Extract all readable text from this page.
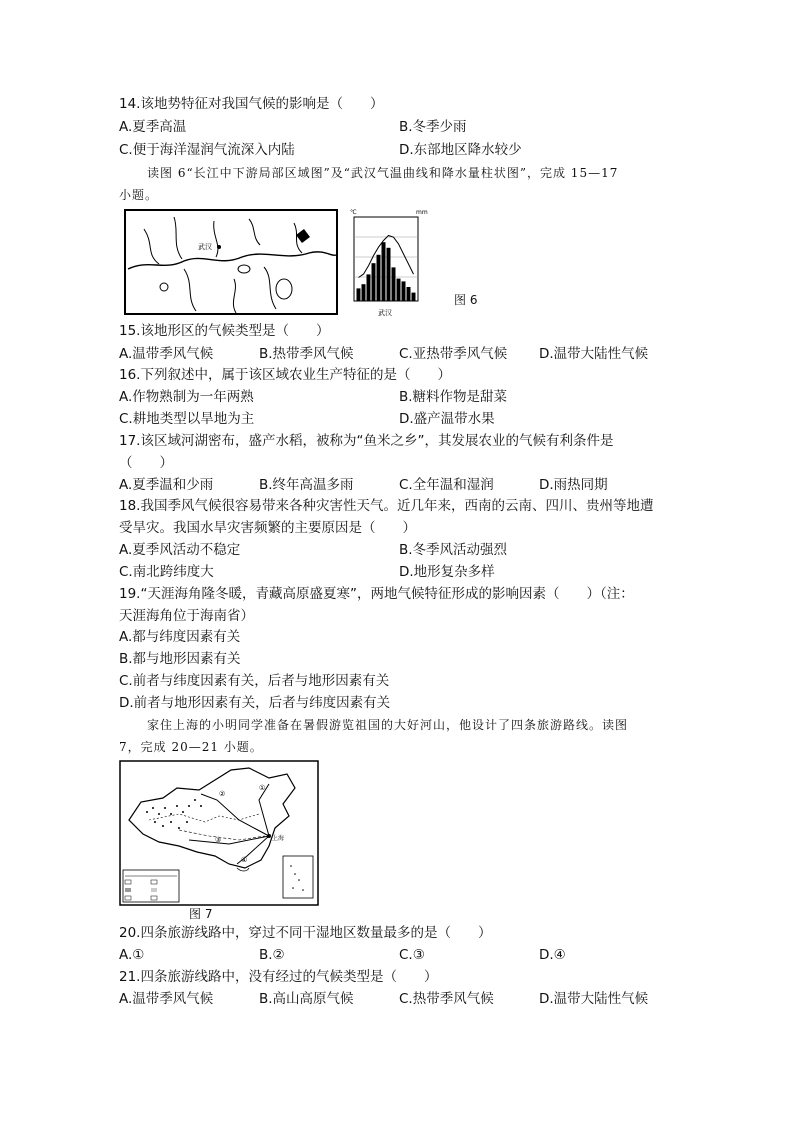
14.该地势特征对我国气候的影响是（　　）
A.夏季高温	B.冬季少雨
C.便于海洋湿润气流深入内陆	D.东部地区降水较少
读图 6“长江中下游局部区域图”及“武汉气温曲线和降水量柱状图”，完成 15—17
小题。
武汉
℃	mm
武汉
图 6
15.该地形区的气候类型是（　　）
A.温带季风气候	B.热带季风气候	C.亚热带季风气候 D.温带大陆性气候
16.下列叙述中，属于该区域农业生产特征的是（　　）
A.作物熟制为一年两熟	B.糖料作物是甜菜
C.耕地类型以旱地为主	D.盛产温带水果
17.该区域河湖密布，盛产水稻，被称为“鱼米之乡”，其发展农业的气候有利条件是
（　　）
A.夏季温和少雨	B.终年高温多雨	C.全年温和湿润	D.雨热同期
18.我国季风气候很容易带来各种灾害性天气。近几年来，西南的云南、四川、贵州等地遭
受旱灾。我国水旱灾害频繁的主要原因是（　　）
A.夏季风活动不稳定	B.冬季风活动强烈
C.南北跨纬度大	D.地形复杂多样
19.“天涯海角隆冬暖，青藏高原盛夏寒”，两地气候特征形成的影响因素（　　）（注：
天涯海角位于海南省）
A.都与纬度因素有关
B.都与地形因素有关
C.前者与纬度因素有关，后者与地形因素有关
D.前者与地形因素有关，后者与纬度因素有关
家住上海的小明同学准备在暑假游览祖国的大好河山，他设计了四条旅游路线。读图
7，完成 20—21 小题。
上海
①
②
③
④
图 7
20.四条旅游线路中，穿过不同干湿地区数量最多的是（　　）
A.①	B.②	C.③	D.④
21.四条旅游线路中，没有经过的气候类型是（　　）
A.温带季风气候	B.高山高原气候	C.热带季风气候	D.温带大陆性气候
